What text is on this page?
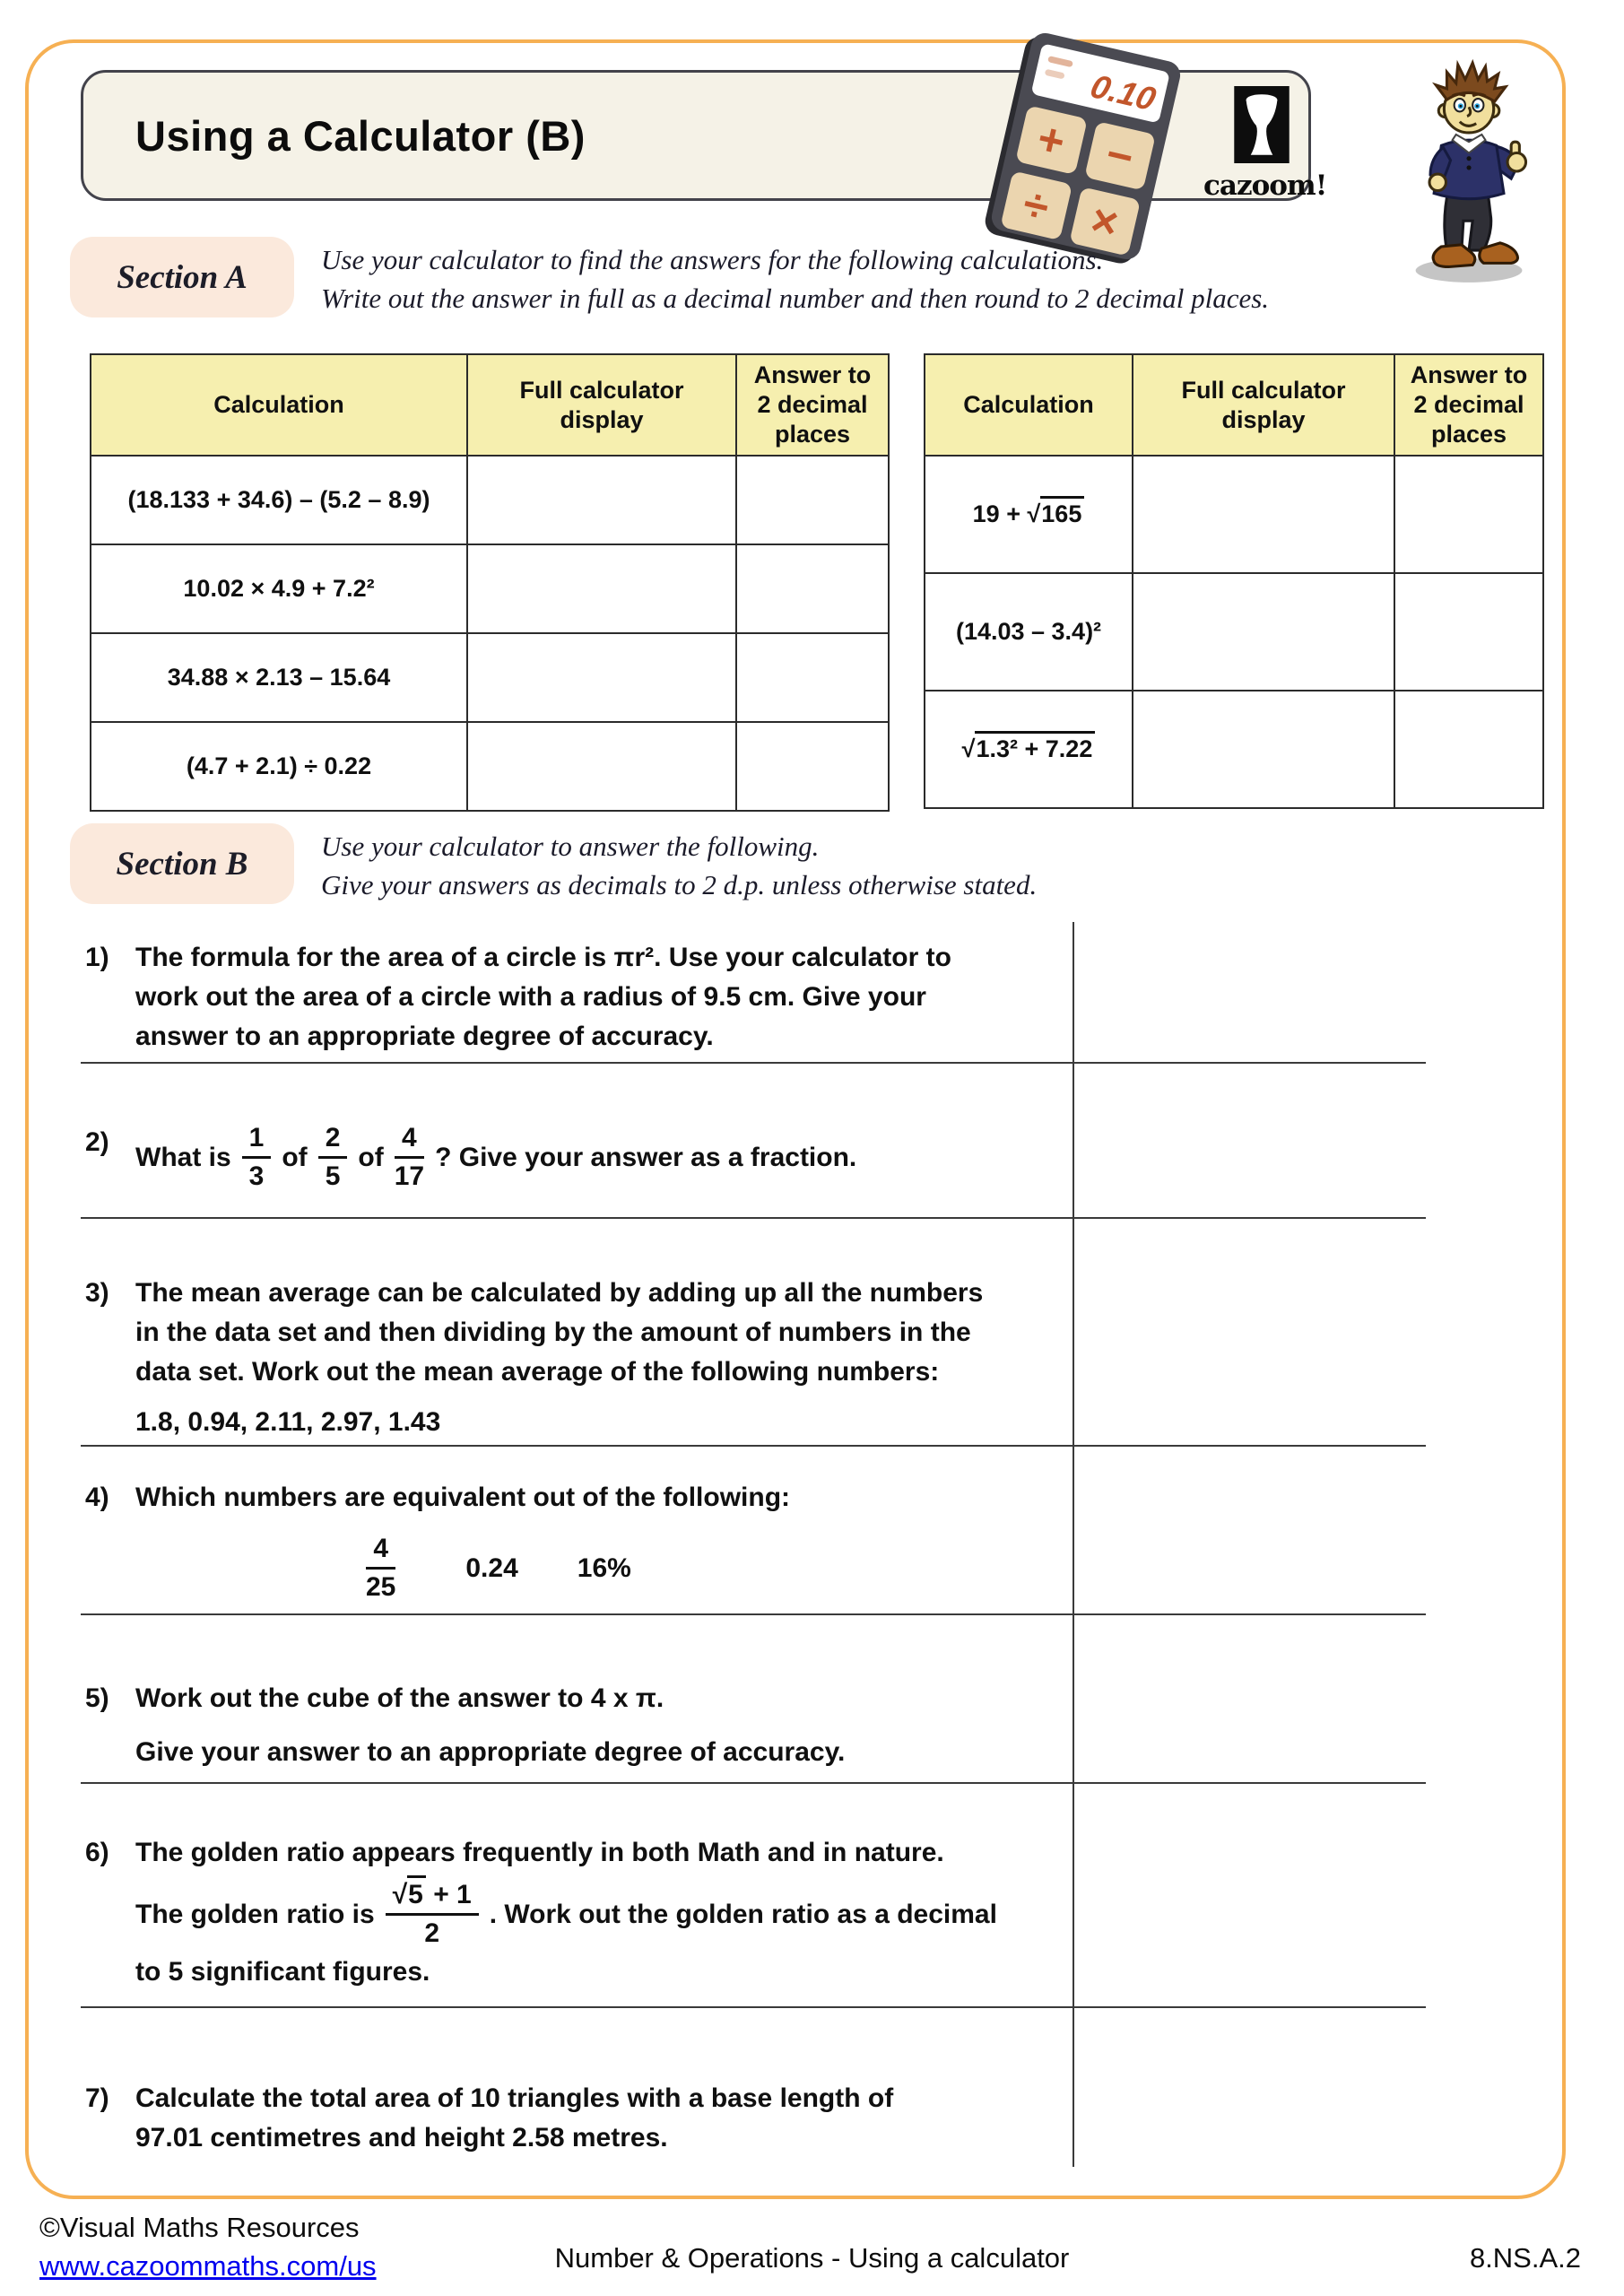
Using a Calculator (B)
0.10
+ −
÷ ×
cazoom!
Section A	Use your calculator to find the answers for the following calculations.
Write out the answer in full as a decimal number and then round to 2 decimal places.
Calculation	Full calculator display	Answer to 2 decimal places
(18.133 + 34.6) – (5.2 – 8.9)		
10.02 × 4.9 + 7.2²		
34.88 × 2.13 – 15.64		
(4.7 + 2.1) ÷ 0.22		
Calculation	Full calculator display	Answer to 2 decimal places
19 + √165		
(14.03 – 3.4)²		
√1.3² + 7.22		
Section B	Use your calculator to answer the following.
Give your answers as decimals to 2 d.p. unless otherwise stated.
1) The formula for the area of a circle is πr². Use your calculator to
work out the area of a circle with a radius of 9.5 cm. Give your
answer to an appropriate degree of accuracy.
2) What is $\frac{1}{3}$ of $\frac{2}{5}$ of $\frac{4}{17}$ ? Give your answer as a fraction.
3) The mean average can be calculated by adding up all the numbers
in the data set and then dividing by the amount of numbers in the
data set. Work out the mean average of the following numbers:
1.8, 0.94, 2.11, 2.97, 1.43
4) Which numbers are equivalent out of the following:
$\frac{4}{25}$	0.24 16%
5) Work out the cube of the answer to 4 x π.
Give your answer to an appropriate degree of accuracy.
6) The golden ratio appears frequently in both Math and in nature.
The golden ratio is $\frac{√5 + 1}{2}$ . Work out the golden ratio as a decimal
to 5 significant figures.
7) Calculate the total area of 10 triangles with a base length of
97.01 centimetres and height 2.58 metres.
©Visual Maths Resources
www.cazoommaths.com/us	Number & Operations - Using a calculator	8.NS.A.2
